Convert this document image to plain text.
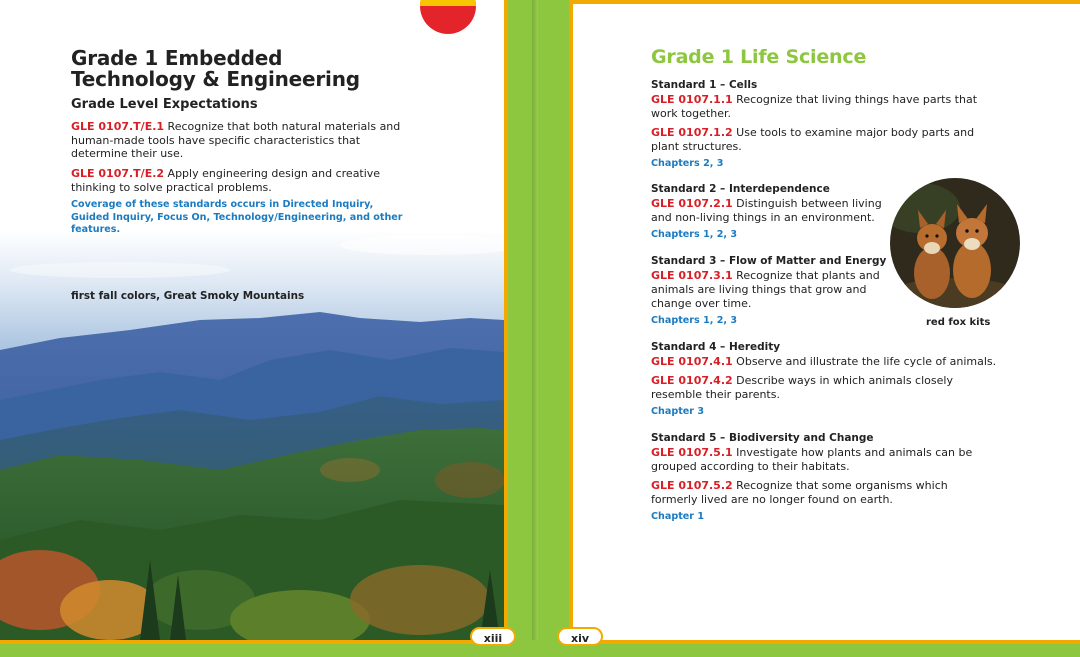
Grade 1 Embedded Technology & Engineering
Grade Level Expectations
GLE 0107.T/E.1 Recognize that both natural materials and human-made tools have specific characteristics that determine their use.
GLE 0107.T/E.2 Apply engineering design and creative thinking to solve practical problems.
Coverage of these standards occurs in Directed Inquiry, Guided Inquiry, Focus On, Technology/Engineering, and other features.
first fall colors, Great Smoky Mountains
Grade 1 Life Science
Standard 1 – Cells
GLE 0107.1.1 Recognize that living things have parts that
work together.
GLE 0107.1.2 Use tools to examine major body parts and
plant structures.
Chapters 2, 3
Standard 2 – Interdependence
GLE 0107.2.1 Distinguish between living
and non-living things in an environment.
Chapters 1, 2, 3
Standard 3 – Flow of Matter and Energy
GLE 0107.3.1 Recognize that plants and
animals are living things that grow and
change over time.
Chapters 1, 2, 3
Standard 4 – Heredity
GLE 0107.4.1 Observe and illustrate the life cycle of animals.
GLE 0107.4.2 Describe ways in which animals closely
resemble their parents.
Chapter 3
Standard 5 – Biodiversity and Change
GLE 0107.5.1 Investigate how plants and animals can be
grouped according to their habitats.
GLE 0107.5.2 Recognize that some organisms which
formerly lived are no longer found on earth.
Chapter 1
red fox kits
xiii	xiv
